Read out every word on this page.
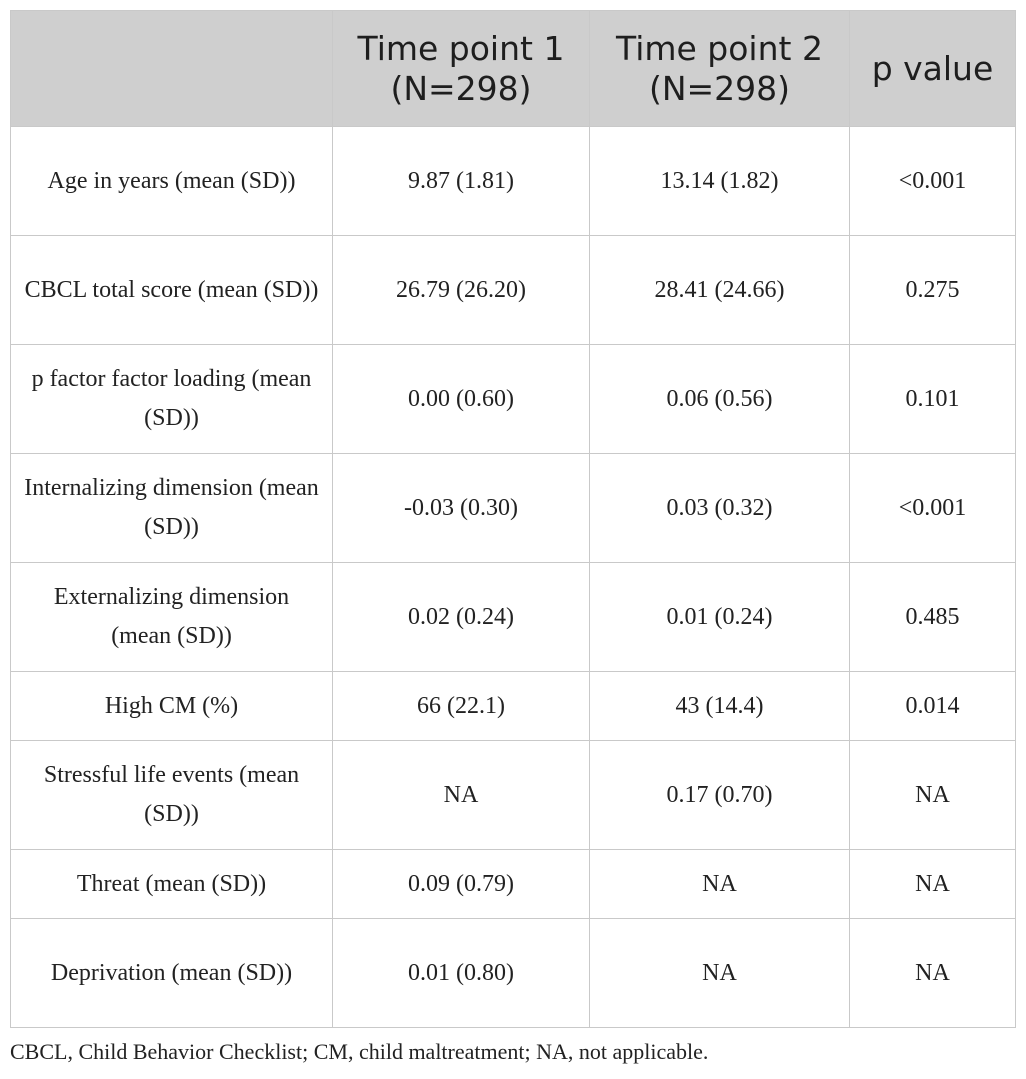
	Time point 1 (N=298)	Time point 2 (N=298)	p value
Age in years (mean (SD))	9.87 (1.81)	13.14 (1.82)	<0.001
CBCL total score (mean (SD))	26.79 (26.20)	28.41 (24.66)	0.275
p factor factor loading (mean (SD))	0.00 (0.60)	0.06 (0.56)	0.101
Internalizing dimension (mean (SD))	-0.03 (0.30)	0.03 (0.32)	<0.001
Externalizing dimension (mean (SD))	0.02 (0.24)	0.01 (0.24)	0.485
High CM (%)	66 (22.1)	43 (14.4)	0.014
Stressful life events (mean (SD))	NA	0.17 (0.70)	NA
Threat (mean (SD))	0.09 (0.79)	NA	NA
Deprivation (mean (SD))	0.01 (0.80)	NA	NA
CBCL, Child Behavior Checklist; CM, child maltreatment; NA, not applicable.
